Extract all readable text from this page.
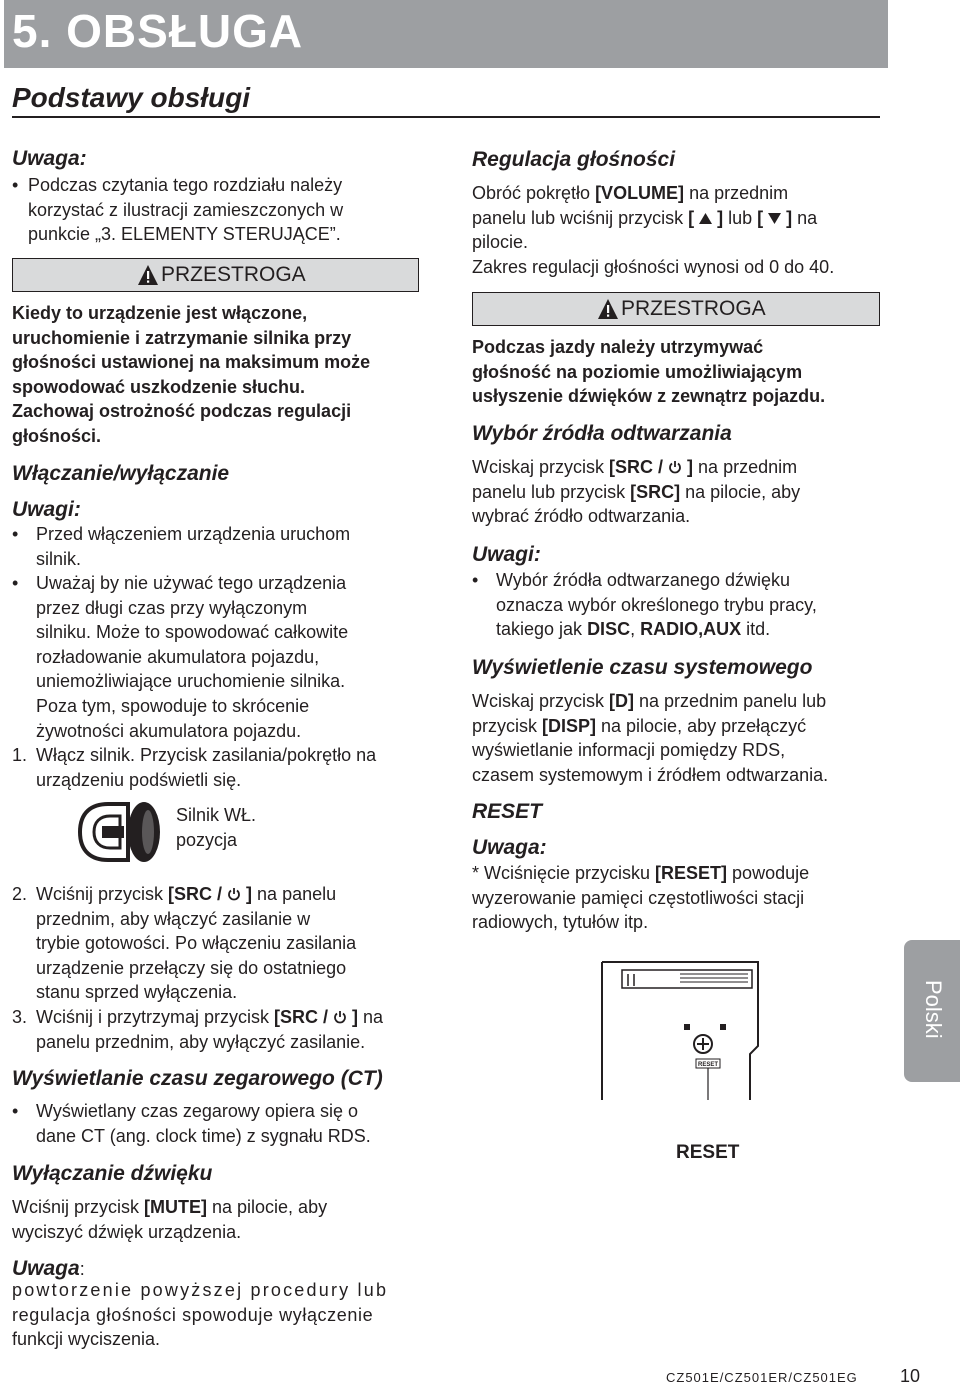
5. OBSŁUGA
Podstawy obsługi
Uwaga:
• Podczas czytania tego rozdziału należy
korzystać z ilustracji zamieszczonych w
punkcie „3. ELEMENTY STERUJĄCE”.
PRZESTROGA
Kiedy to urządzenie jest włączone,
uruchomienie i zatrzymanie silnika przy
głośności ustawionej na maksimum może
spowodować uszkodzenie słuchu.
Zachowaj ostrożność podczas regulacji
głośności.
Włączanie/wyłączanie
Uwagi:
• Przed włączeniem urządzenia uruchom
silnik.
• Uważaj by nie używać tego urządzenia
przez długi czas przy wyłączonym
silniku. Może to spowodować całkowite
rozładowanie akumulatora pojazdu,
uniemożliwiające uruchomienie silnika.
Poza tym, spowoduje to skrócenie
żywotności akumulatora pojazdu.
1. Włącz silnik. Przycisk zasilania/pokrętło na
urządzeniu podświetli się.
Silnik WŁ.
pozycja
2. Wciśnij przycisk [SRC /  ] na panelu
przednim, aby włączyć zasilanie w
trybie gotowości. Po włączeniu zasilania
urządzenie przełączy się do ostatniego
stanu sprzed wyłączenia.
3. Wciśnij i przytrzymaj przycisk [SRC /  ] na
panelu przednim, aby wyłączyć zasilanie.
Wyświetlanie czasu zegarowego (CT)
• Wyświetlany czas zegarowy opiera się o
dane CT (ang. clock time) z sygnału RDS.
Wyłączanie dźwięku
Wciśnij przycisk [MUTE] na pilocie, aby
wyciszyć dźwięk urządzenia.
Uwaga:
powtorzenie powyższej procedury lub
regulacja głośności spowoduje wyłączenie
funkcji wyciszenia.
Regulacja głośności
Obróć pokrętło [VOLUME] na przednim
panelu lub wciśnij przycisk [  ] lub [  ] na
pilocie.
Zakres regulacji głośności wynosi od 0 do 40.
PRZESTROGA
Podczas jazdy należy utrzymywać
głośność na poziomie umożliwiającym
usłyszenie dźwięków z zewnątrz pojazdu.
Wybór źródła odtwarzania
Wciskaj przycisk [SRC /  ] na przednim
panelu lub przycisk [SRC] na pilocie, aby
wybrać źródło odtwarzania.
Uwagi:
• Wybór źródła odtwarzanego dźwięku
oznacza wybór określonego trybu pracy,
takiego jak DISC, RADIO,AUX itd.
Wyświetlenie czasu systemowego
Wciskaj przycisk [D] na przednim panelu lub
przycisk [DISP] na pilocie, aby przełączyć
wyświetlanie informacji pomiędzy RDS,
czasem systemowym i źródłem odtwarzania.
RESET
Uwaga:
* Wciśnięcie przycisku [RESET] powoduje
wyzerowanie pamięci częstotliwości stacji
radiowych, tytułów itp.
RESET
RESET
Polski
CZ501E/CZ501ER/CZ501EG 10
